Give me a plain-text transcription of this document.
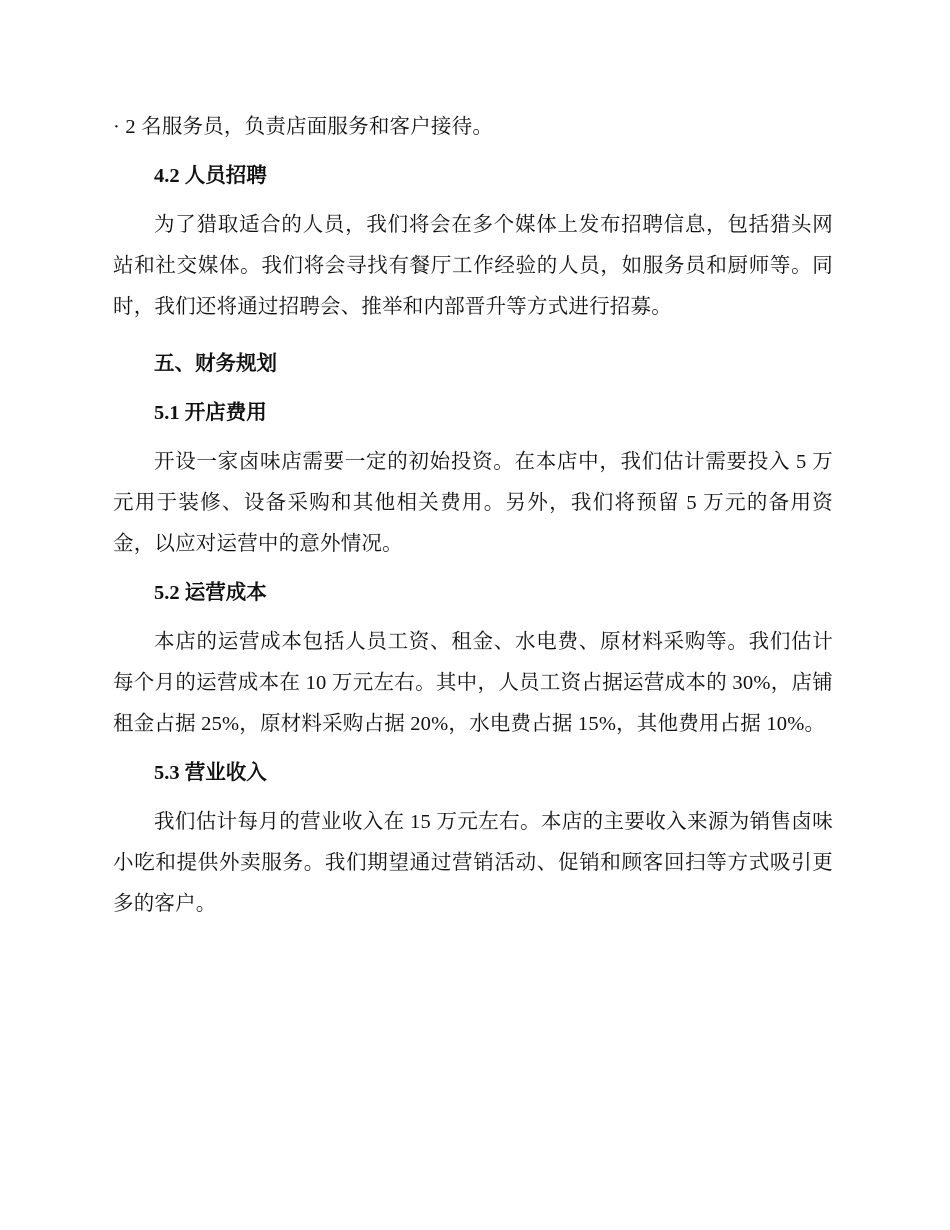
· 2 名服务员，负责店面服务和客户接待。

4.2 人员招聘

为了猎取适合的人员，我们将会在多个媒体上发布招聘信息，包括猎头网站和社交媒体。我们将会寻找有餐厅工作经验的人员，如服务员和厨师等。同时，我们还将通过招聘会、推举和内部晋升等方式进行招募。

五、财务规划
5.1 开店费用

开设一家卤味店需要一定的初始投资。在本店中，我们估计需要投入 5 万元用于装修、设备采购和其他相关费用。另外，我们将预留 5 万元的备用资金，以应对运营中的意外情况。

5.2 运营成本

本店的运营成本包括人员工资、租金、水电费、原材料采购等。我们估计每个月的运营成本在 10 万元左右。其中，人员工资占据运营成本的 30%，店铺租金占据 25%，原材料采购占据 20%，水电费占据 15%，其他费用占据 10%。

5.3 营业收入

我们估计每月的营业收入在 15 万元左右。本店的主要收入来源为销售卤味小吃和提供外卖服务。我们期望通过营销活动、促销和顾客回扫等方式吸引更多的客户。
